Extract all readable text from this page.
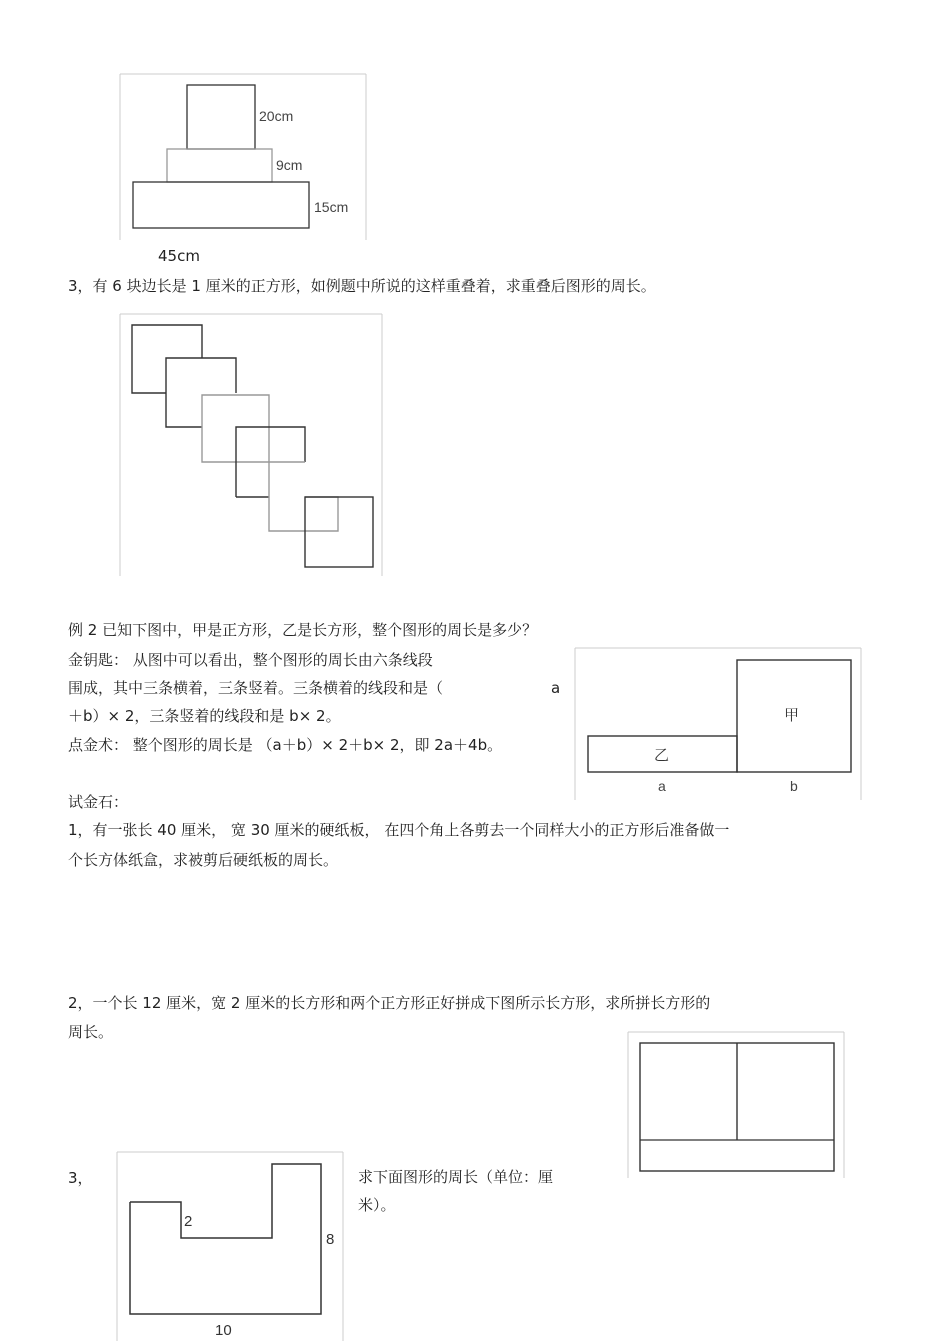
20cm
9cm
15cm
45cm
3，有 6 块边长是 1 厘米的正方形，如例题中所说的这样重叠着，求重叠后图形的周长。
例 2 已知下图中，甲是正方形，乙是长方形，整个图形的周长是多少？
金钥匙： 从图中可以看出，整个图形的周长由六条线段
围成，其中三条横着，三条竖着。三条横着的线段和是（	a
＋b）× 2，三条竖着的线段和是 b× 2。
点金术： 整个图形的周长是 （a＋b）× 2＋b× 2，即 2a＋4b。
甲
乙
a	b
试金石：
1，有一张长 40 厘米， 宽 30 厘米的硬纸板， 在四个角上各剪去一个同样大小的正方形后准备做一
个长方体纸盒，求被剪后硬纸板的周长。
2，一个长 12 厘米，宽 2 厘米的长方形和两个正方形正好拼成下图所示长方形，求所拼长方形的
周长。
3，
2
8
10
求下面图形的周长（单位：厘
米）。
